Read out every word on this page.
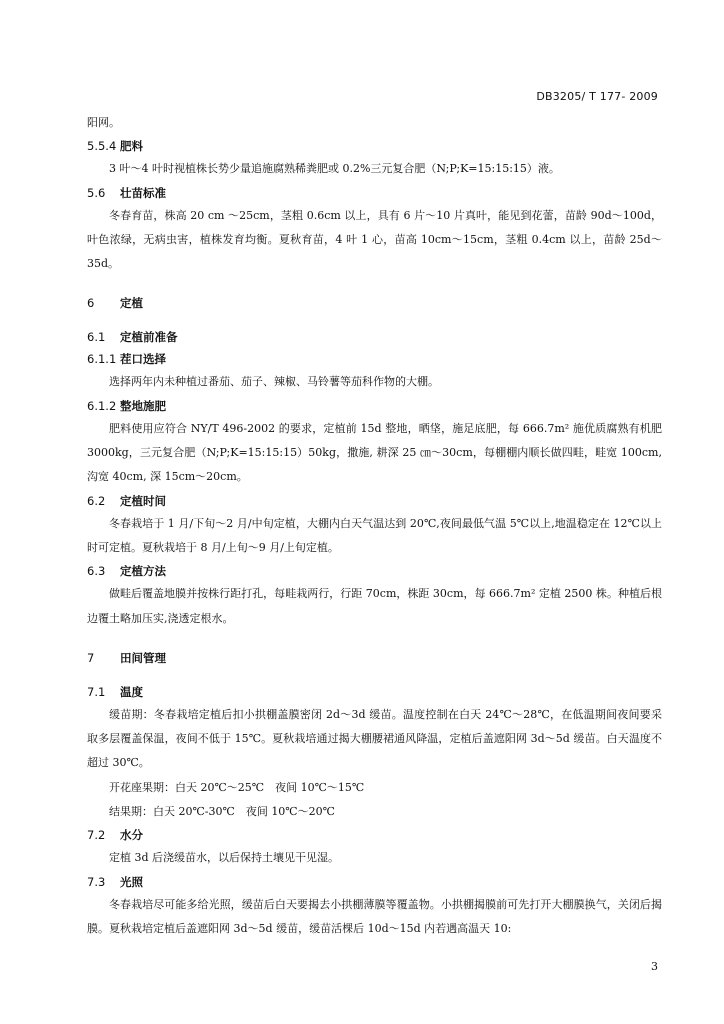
DB3205/ T 177- 2009
阳网。
5.5.4 肥料
3 叶～4 叶时视植株长势少量追施腐熟稀粪肥或 0.2%三元复合肥（N;P;K=15:15:15）液。
5.6 壮苗标准
冬春育苗，株高 20 cm ～25cm，茎粗 0.6cm 以上，具有 6 片～10 片真叶，能见到花蕾，苗龄 90d～100d，叶色浓绿，无病虫害，植株发育均衡。夏秋育苗，4 叶 1 心，苗高 10cm～15cm，茎粗 0.4cm 以上，苗龄 25d～35d。
6 定植
6.1 定植前准备
6.1.1 茬口选择
选择两年内未种植过番茄、茄子、辣椒、马铃薯等茄科作物的大棚。
6.1.2 整地施肥
肥料使用应符合 NY/T 496-2002 的要求，定植前 15d 整地，晒垡，施足底肥，每 666.7m² 施优质腐熟有机肥 3000kg，三元复合肥（N;P;K=15:15:15）50kg，撒施, 耕深 25 ㎝～30cm，每棚棚内顺长做四畦，畦宽 100cm,沟宽 40cm, 深 15cm～20cm。
6.2 定植时间
冬春栽培于 1 月/下旬～2 月/中旬定植，大棚内白天气温达到 20℃,夜间最低气温 5℃以上,地温稳定在 12℃以上时可定植。夏秋栽培于 8 月/上旬～9 月/上旬定植。
6.3 定植方法
做畦后覆盖地膜并按株行距打孔，每畦栽两行，行距 70cm，株距 30cm，每 666.7m² 定植 2500 株。种植后根边覆土略加压实,浇透定根水。
7 田间管理
7.1 温度
缓苗期：冬春栽培定植后扣小拱棚盖膜密闭 2d～3d 缓苗。温度控制在白天 24℃～28℃，在低温期间夜间要采取多层覆盖保温，夜间不低于 15℃。夏秋栽培通过揭大棚腰裙通风降温，定植后盖遮阳网 3d～5d 缓苗。白天温度不超过 30℃。
开花座果期：白天 20℃～25℃　夜间 10℃～15℃
结果期：白天 20℃-30℃　夜间 10℃～20℃
7.2 水分
定植 3d 后浇缓苗水，以后保持土壤见干见湿。
7.3 光照
冬春栽培尽可能多给光照，缓苗后白天要揭去小拱棚薄膜等覆盖物。小拱棚揭膜前可先打开大棚膜换气，关闭后揭膜。夏秋栽培定植后盖遮阳网 3d～5d 缓苗，缓苗活棵后 10d～15d 内若遇高温天 10:
3
